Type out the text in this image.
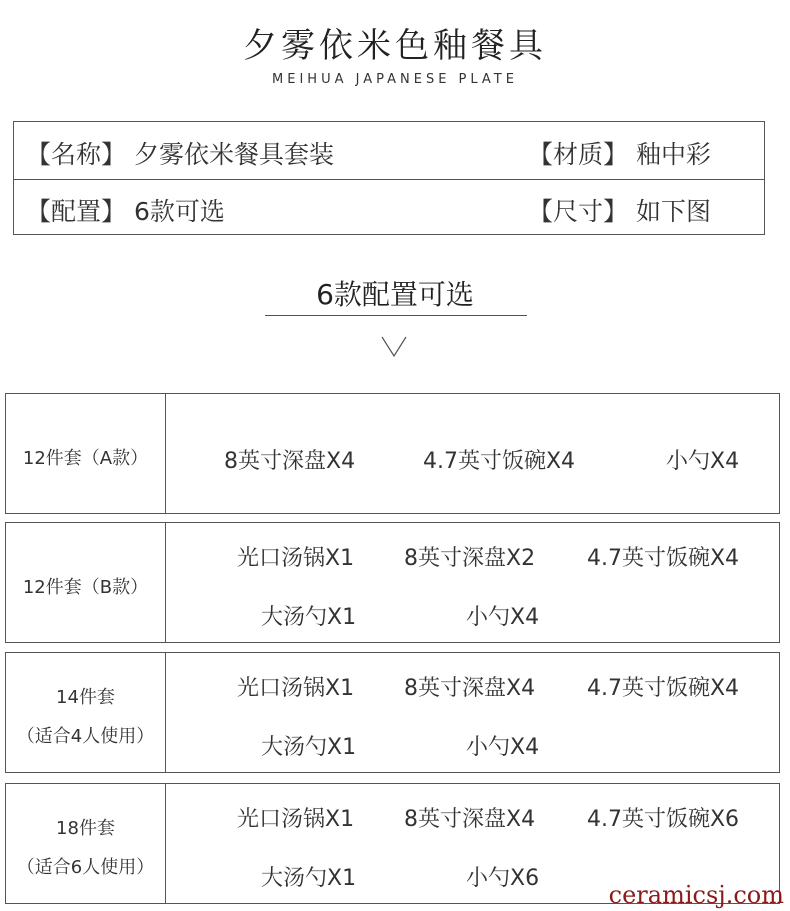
夕雾依米色釉餐具
MEIHUA JAPANESE PLATE
【名称】 夕雾依米餐具套装	【材质】 釉中彩
【配置】 6款可选	【尺寸】 如下图
6款配置可选
12件套（A款）	8英寸深盘X4	4.7英寸饭碗X4	小勺X4
12件套（B款）
光口汤锅X1 8英寸深盘X2 4.7英寸饭碗X4
大汤勺X1	小勺X4
14件套
（适合4人使用）
光口汤锅X1 8英寸深盘X4 4.7英寸饭碗X4
大汤勺X1	小勺X4
18件套
（适合6人使用）
光口汤锅X1 8英寸深盘X4 4.7英寸饭碗X6
大汤勺X1	小勺X6
ceramicsj.com
